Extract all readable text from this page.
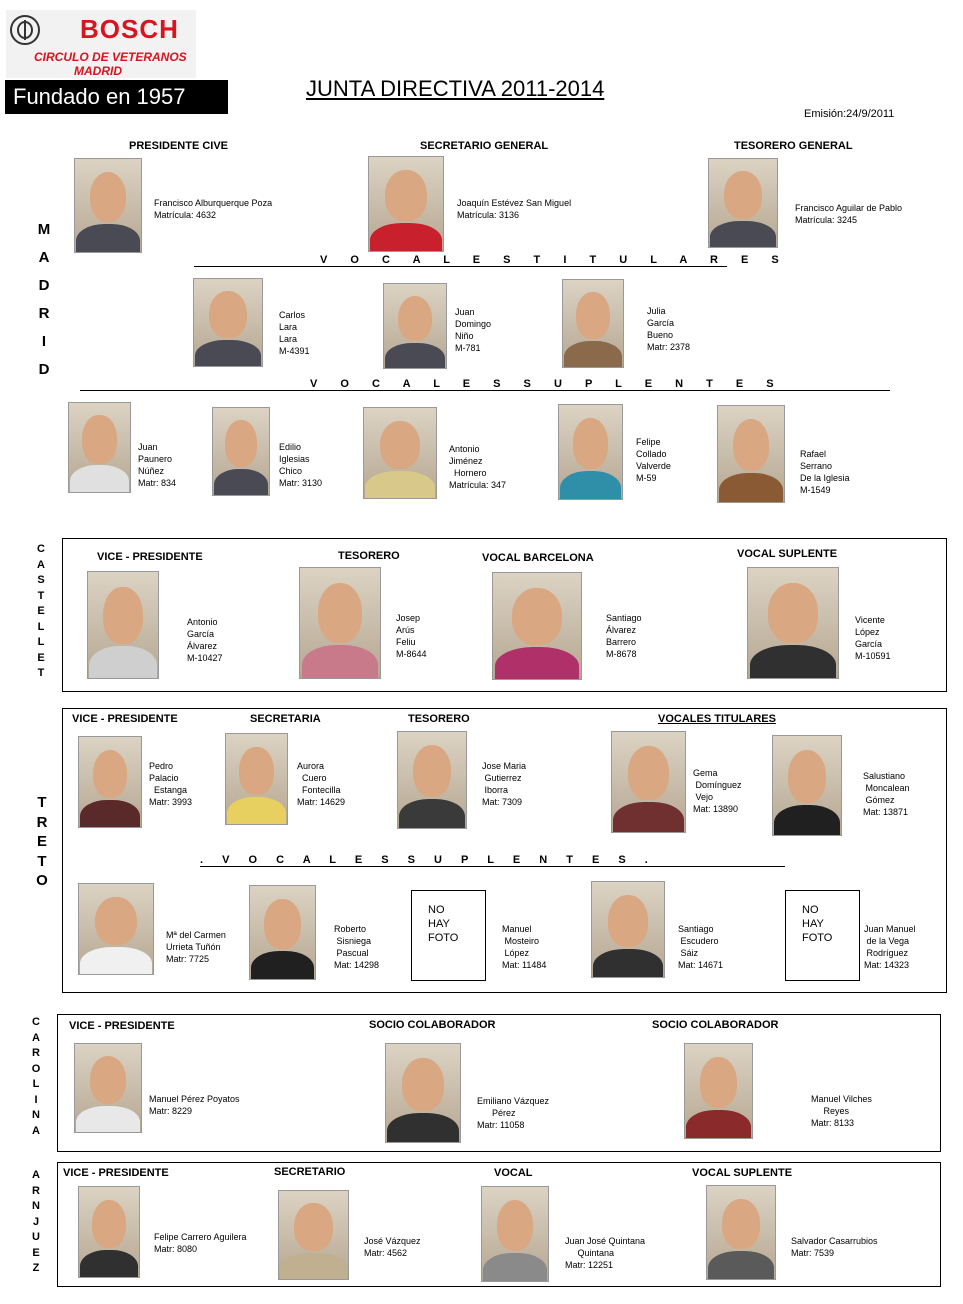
BOSCH
CIRCULO DE VETERANOS
MADRID
Fundado en 1957	JUNTA DIRECTIVA 2011-2014
Emisión:24/9/2011
M
A
D
R
I
D
PRESIDENTE CIVE
Francisco Alburquerque Poza
Matrícula: 4632
SECRETARIO GENERAL
Joaquín Estévez San Miguel
Matrícula: 3136
TESORERO GENERAL
Francisco Aguilar de Pablo
Matrícula: 3245
V O C A L E S T I T U L A R E S
Carlos
Lara
Lara
M-4391
Juan
Domingo
Niño
M-781
Julia
García
Bueno
Matr: 2378
V O C A L E S S U P L E N T E S
Juan
Paunero
Núñez
Matr: 834
Edilio
Iglesias
Chico
Matr: 3130
Antonio
Jiménez
Hornero
Matrícula: 347
Felipe
Collado
Valverde
M-59
Rafael
Serrano
De la Iglesia
M-1549
C
A
S
T
E
L
L
E
T
VICE - PRESIDENTE
Antonio
García
Álvarez
M-10427
TESORERO
Josep
Arús
Feliu
M-8644
VOCAL BARCELONA
Santiago
Álvarez
Barrero
M-8678
VOCAL SUPLENTE
Vicente
López
García
M-10591
T
R
E
T
O
VICE - PRESIDENTE
Pedro
Palacio
Estanga
Matr: 3993
SECRETARIA
Aurora
Cuero
Fontecilla
Matr: 14629
TESORERO
Jose Maria
Gutierrez
Iborra
Mat: 7309
VOCALES TITULARES
Gema
Domínguez
Vejo
Mat: 13890
Salustiano
Moncalean
Gómez
Mat: 13871
. V O C A L E S S U P L E N T E S .
Mª del Carmen
Urrieta Tuñón
Matr: 7725
Roberto
Sisniega
Pascual
Mat: 14298
NO
HAY
FOTO
Manuel
Mosteiro
López
Mat: 11484
Santiago
Escudero
Sáiz
Mat: 14671
NO
HAY
FOTO
Juan Manuel
de la Vega
Rodríguez
Mat: 14323
C
A
R
O
L
I
N
A
VICE - PRESIDENTE
Manuel Pérez Poyatos
Matr: 8229
SOCIO COLABORADOR
Emiliano Vázquez
Pérez
Matr: 11058
SOCIO COLABORADOR
Manuel Vilches
Reyes
Matr: 8133
A
R
N
J
U
E
Z
VICE - PRESIDENTE
Felipe Carrero Aguilera
Matr: 8080
SECRETARIO
José Vázquez
Matr: 4562
VOCAL
Juan José Quintana
Quintana
Matr: 12251
VOCAL SUPLENTE
Salvador Casarrubios
Matr: 7539
